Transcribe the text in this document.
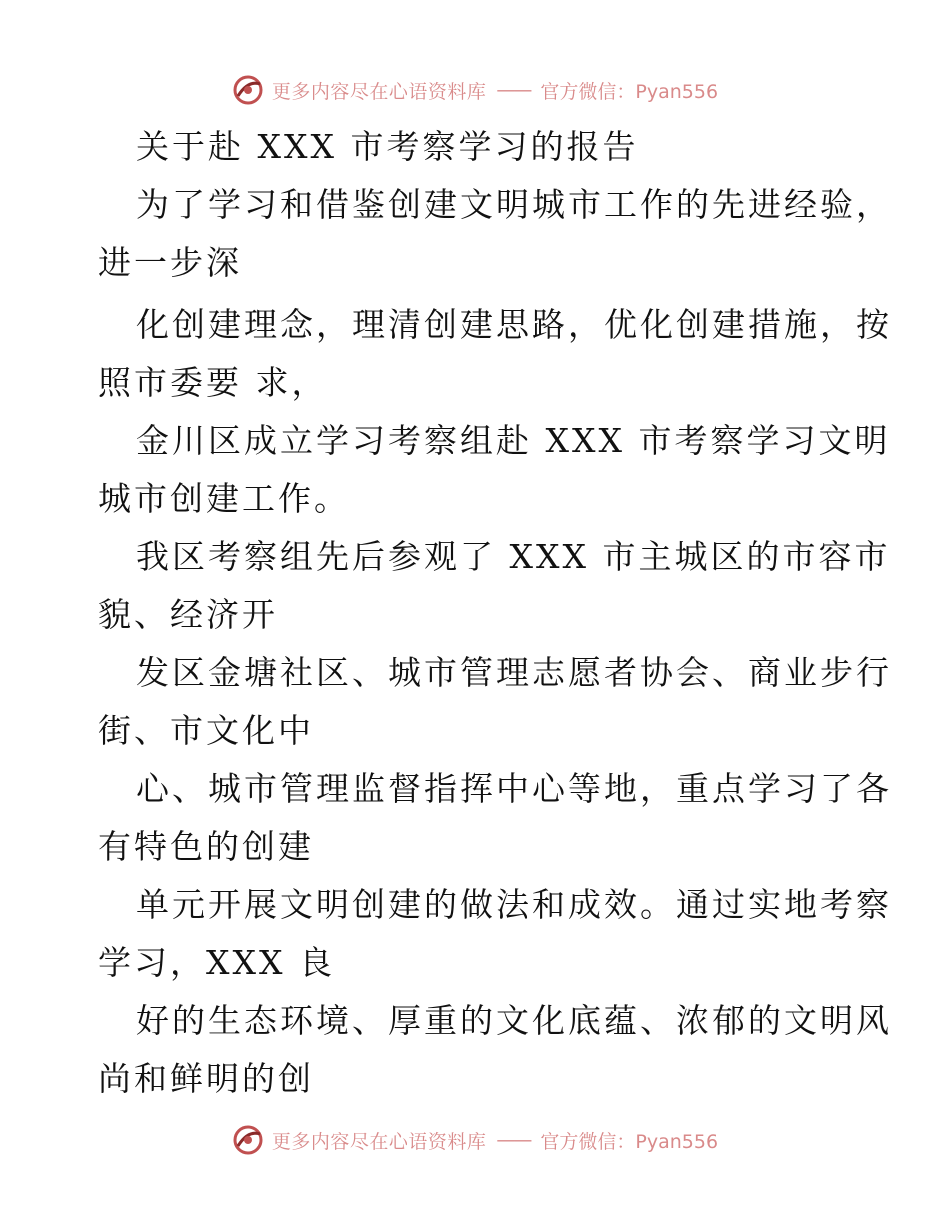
更多内容尽在心语资料库 —— 官方微信：Pyan556
关于赴 XXX 市考察学习的报告
为了学习和借鉴创建文明城市工作的先进经验，
进一步深
化创建理念，理清创建思路，优化创建措施，按
照市委要 求，
金川区成立学习考察组赴 XXX 市考察学习文明
城市创建工作。
我区考察组先后参观了 XXX 市主城区的市容市
貌、经济开
发区金塘社区、城市管理志愿者协会、商业步行
街、市文化中
心、城市管理监督指挥中心等地，重点学习了各
有特色的创建
单元开展文明创建的做法和成效。通过实地考察
学习，XXX 良
好的生态环境、厚重的文化底蕴、浓郁的文明风
尚和鲜明的创
更多内容尽在心语资料库 —— 官方微信：Pyan556
